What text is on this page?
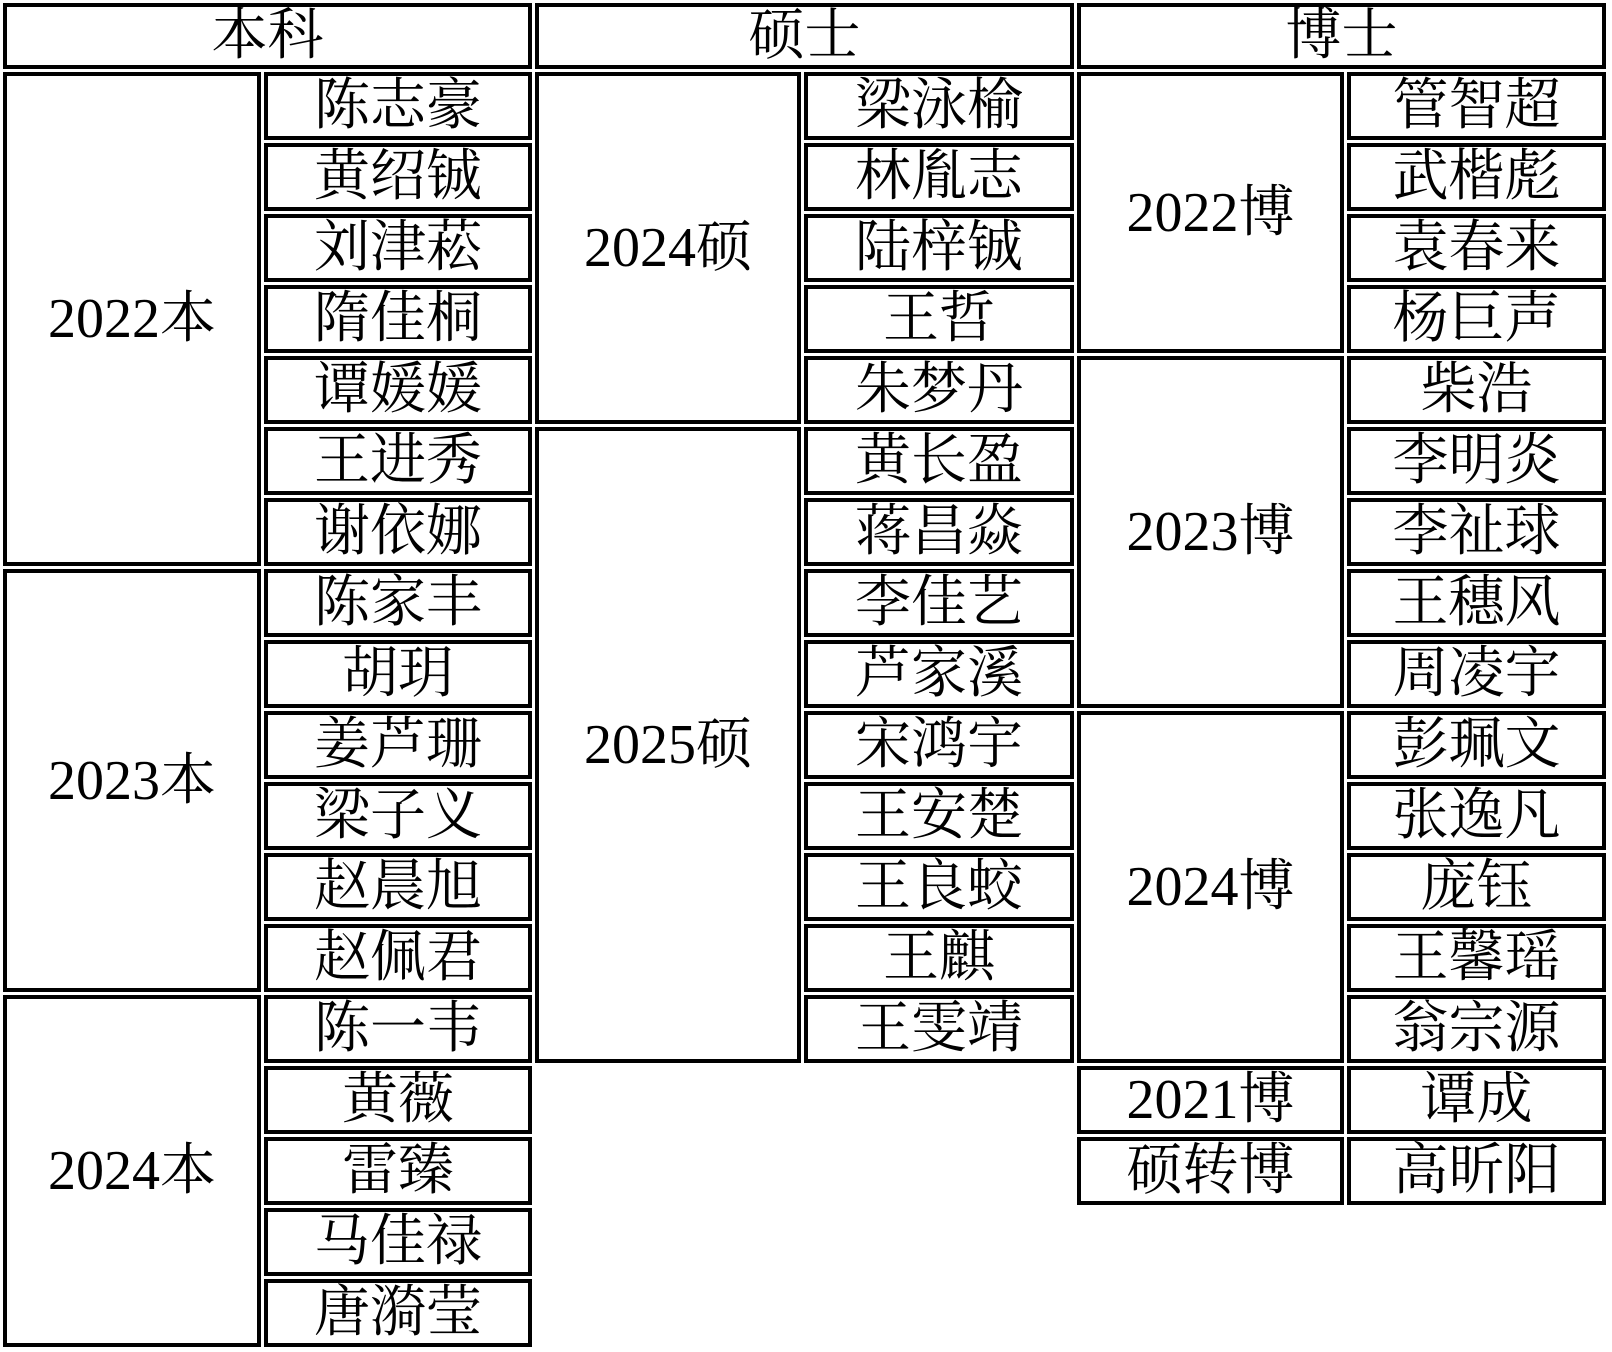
本科		硕士		博士	
2022本	陈志豪	2024硕	梁泳榆	2022博	管智超
	黄绍铖		林胤志		武楷彪
	刘津菘		陆梓铖		袁春来
	隋佳桐		王哲		杨巨声
	谭媛媛		朱梦丹	2023博	柴浩
	王进秀	2025硕	黄长盈		李明炎
	谢依娜		蒋昌焱		李祉球
2023本	陈家丰		李佳艺		王穗风
	胡玥		芦家溪		周凌宇
	姜芦珊		宋鸿宇	2024博	彭珮文
	梁子义		王安楚		张逸凡
	赵晨旭		王良蛟		庞钰
	赵佩君		王麒		王馨瑶
2024本	陈一韦		王雯靖		翁宗源
	黄薇			2021博	谭成
	雷臻			硕转博	高昕阳
	马佳禄				
	唐漪莹				
